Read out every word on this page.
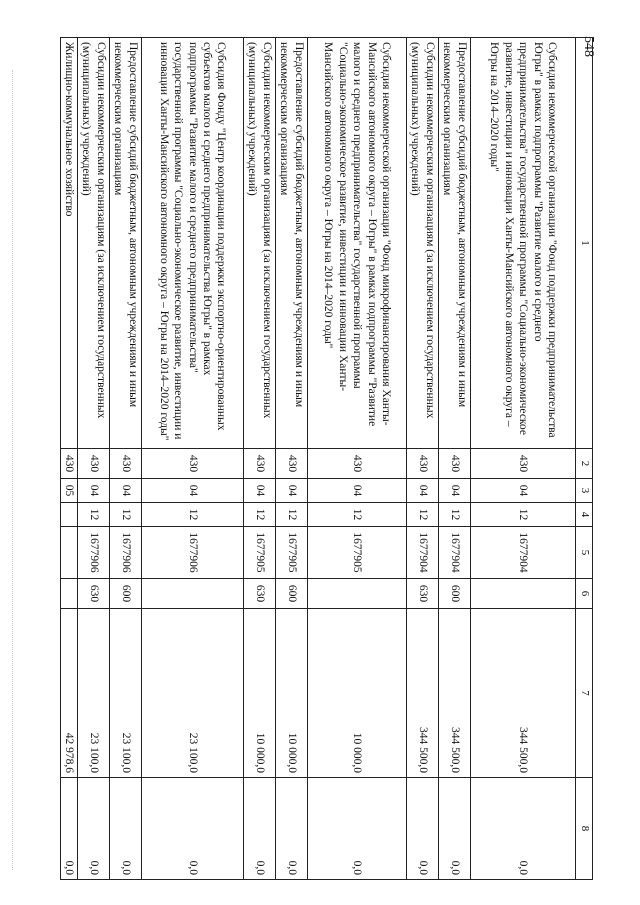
548
1	2	3	4	5	6	7	8
Субсидия некоммерческой организации "Фонд поддержки предпринимательства Югры" в рамках подпрограммы "Развитие малого и среднего предпринимательства" государственной программы "Социально-экономическое развитие, инвестиции и инновации Ханты-Мансийского автономного округа – Югры на 2014–2020 годы"	430	04	12	1677904		344 500,0	0,0
Предоставление субсидий бюджетным, автономным учреждениям и иным некоммерческим организациям	430	04	12	1677904	600	344 500,0	0,0
Субсидии некоммерческим организациям (за исключением государственных (муниципальных) учреждений)	430	04	12	1677904	630	344 500,0	0,0
Субсидия некоммерческой организации "Фонд микрофинансирования Ханты-Мансийского автономного округа – Югры" в рамках подпрограммы "Развитие малого и среднего предпринимательства" государственной программы "Социально-экономическое развитие, инвестиции и инновации Ханты-Мансийского автономного округа – Югры на 2014–2020 годы"	430	04	12	1677905		10 000,0	0,0
Предоставление субсидий бюджетным, автономным учреждениям и иным некоммерческим организациям	430	04	12	1677905	600	10 000,0	0,0
Субсидии некоммерческим организациям (за исключением государственных (муниципальных) учреждений)	430	04	12	1677905	630	10 000,0	0,0
Субсидия Фонду "Центр координации поддержки экспортно-ориентированных субъектов малого и среднего предпринимательства Югры" в рамках подпрограммы "Развитие малого и среднего предпринимательства" государственной программы "Социально-экономическое развитие, инвестиции и инновации Ханты-Мансийского автономного округа – Югры на 2014–2020 годы"	430	04	12	1677906		23 100,0	0,0
Предоставление субсидий бюджетным, автономным учреждениям и иным некоммерческим организациям	430	04	12	1677906	600	23 100,0	0,0
Субсидии некоммерческим организациям (за исключением государственных (муниципальных) учреждений)	430	04	12	1677906	630	23 100,0	0,0
Жилищно-коммунальное хозяйство	430	05				42 978,6	0,0
